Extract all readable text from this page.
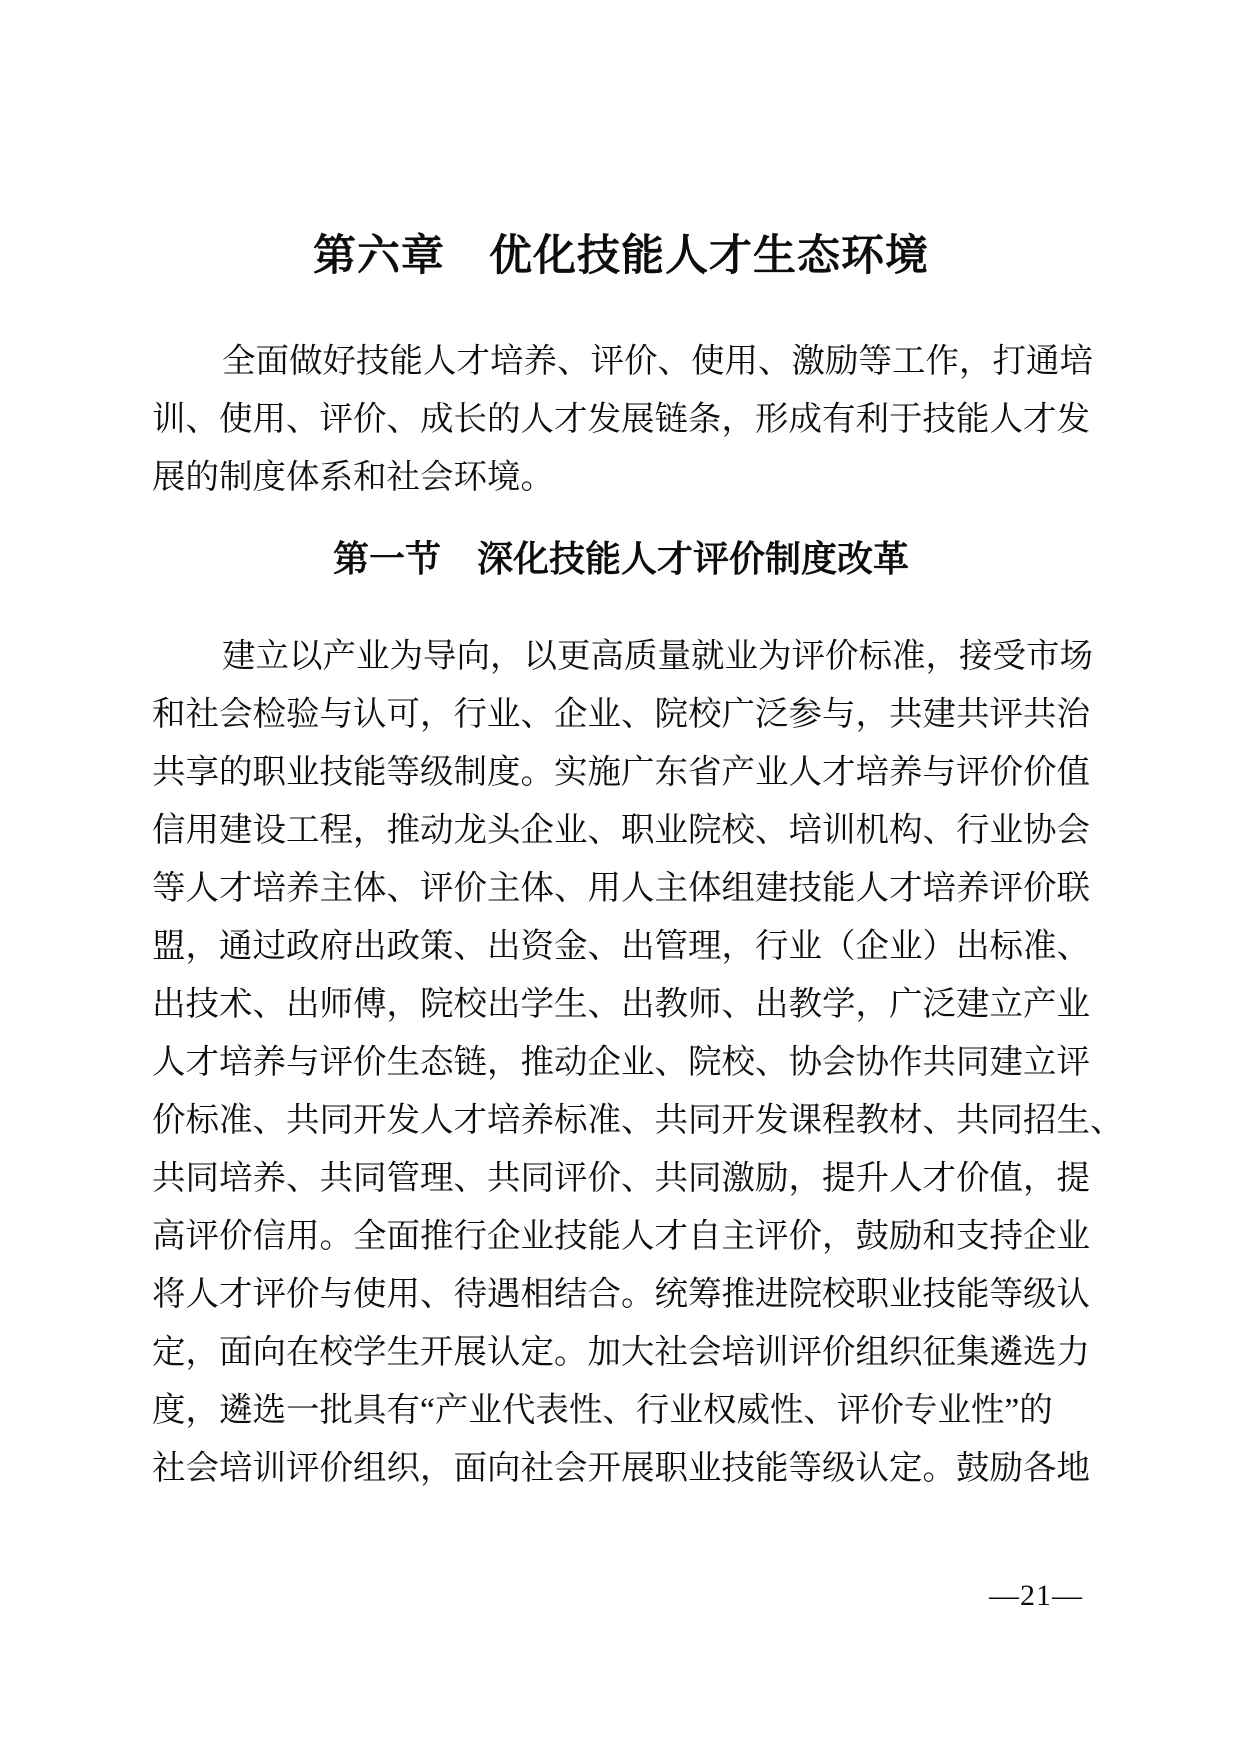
第六章　优化技能人才生态环境
全面做好技能人才培养、评价、使用、激励等工作，打通培
训、使用、评价、成长的人才发展链条，形成有利于技能人才发
展的制度体系和社会环境。
第一节　深化技能人才评价制度改革
建立以产业为导向，以更高质量就业为评价标准，接受市场
和社会检验与认可，行业、企业、院校广泛参与，共建共评共治
共享的职业技能等级制度。实施广东省产业人才培养与评价价值
信用建设工程，推动龙头企业、职业院校、培训机构、行业协会
等人才培养主体、评价主体、用人主体组建技能人才培养评价联
盟，通过政府出政策、出资金、出管理，行业（企业）出标准、
出技术、出师傅，院校出学生、出教师、出教学，广泛建立产业
人才培养与评价生态链，推动企业、院校、协会协作共同建立评
价标准、共同开发人才培养标准、共同开发课程教材、共同招生、
共同培养、共同管理、共同评价、共同激励，提升人才价值，提
高评价信用。全面推行企业技能人才自主评价，鼓励和支持企业
将人才评价与使用、待遇相结合。统筹推进院校职业技能等级认
定，面向在校学生开展认定。加大社会培训评价组织征集遴选力
度，遴选一批具有“产业代表性、行业权威性、评价专业性”的
社会培训评价组织，面向社会开展职业技能等级认定。鼓励各地
—21—
